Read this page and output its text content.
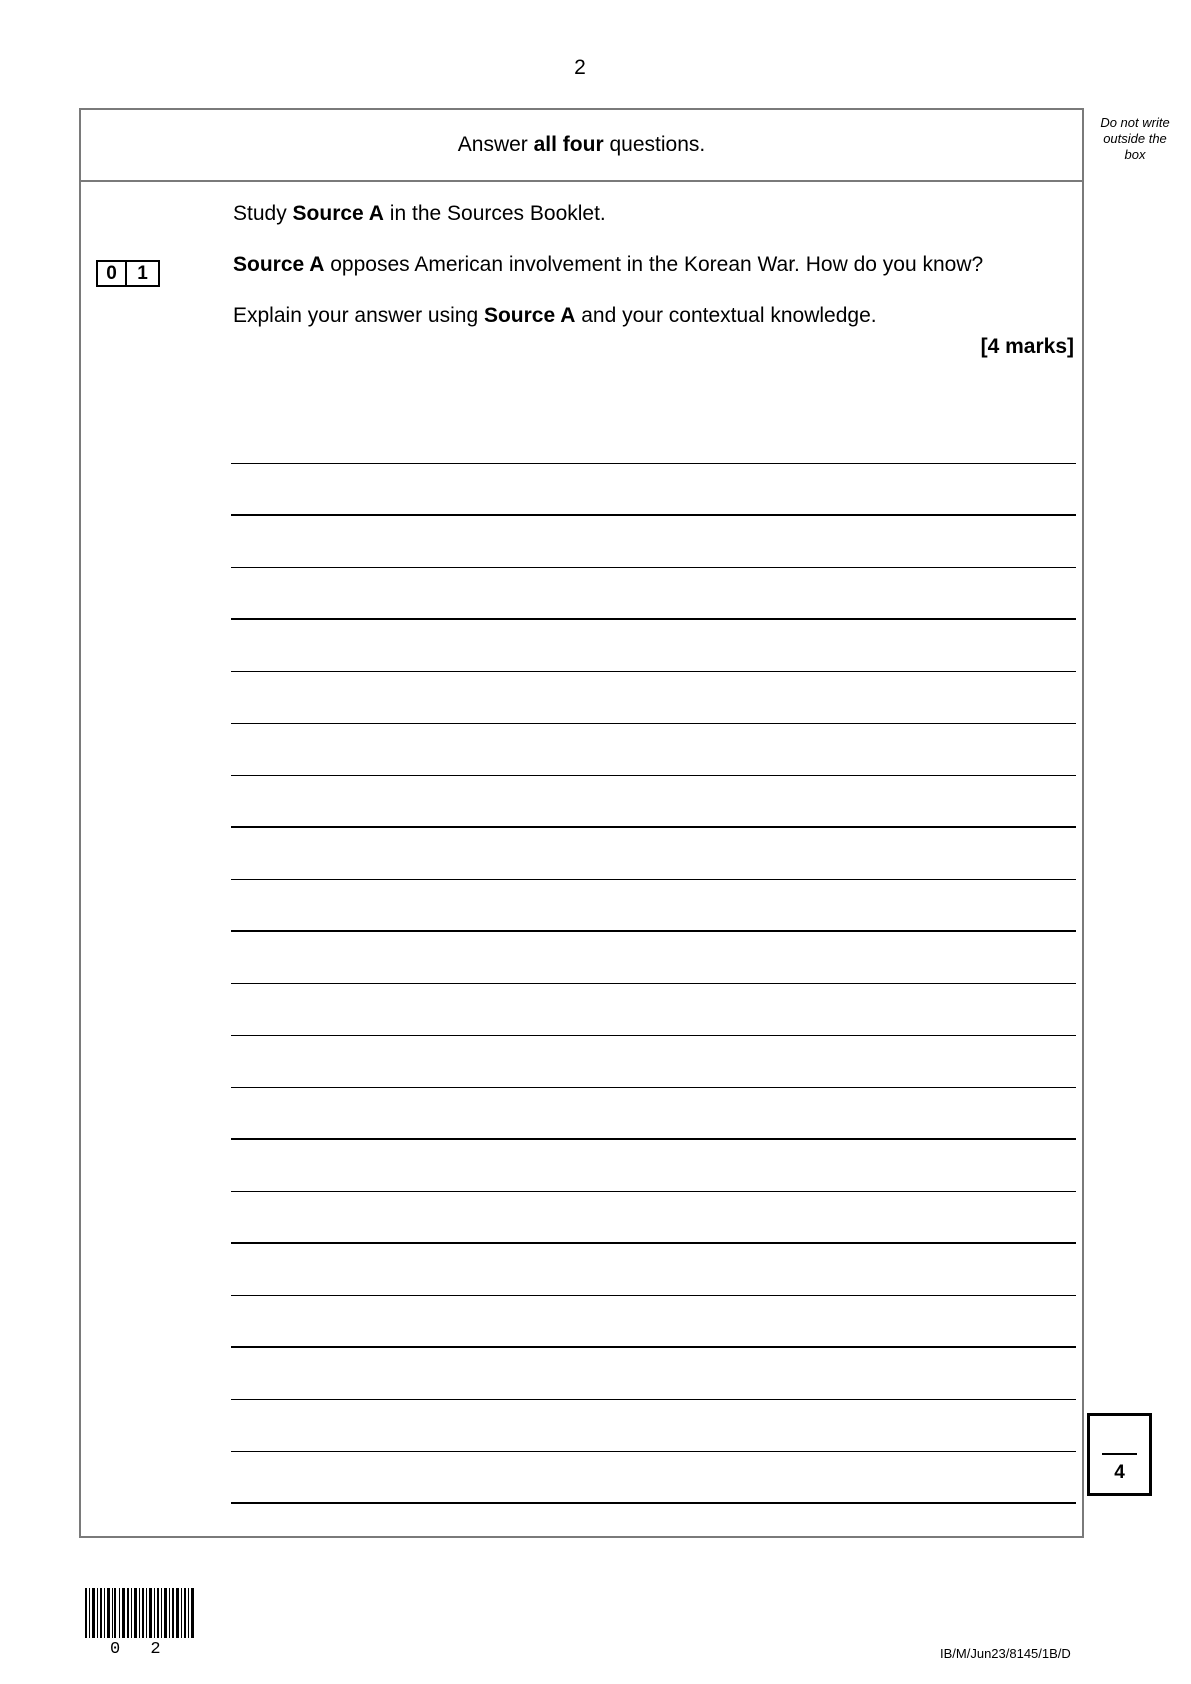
2
Do not write
outside the
box
Answer all four questions.
Study Source A in the Sources Booklet.
0	1	Source A opposes American involvement in the Korean War. How do you know?
Explain your answer using Source A and your contextual knowledge.
[4 marks]
4
0 2	IB/M/Jun23/8145/1B/D
